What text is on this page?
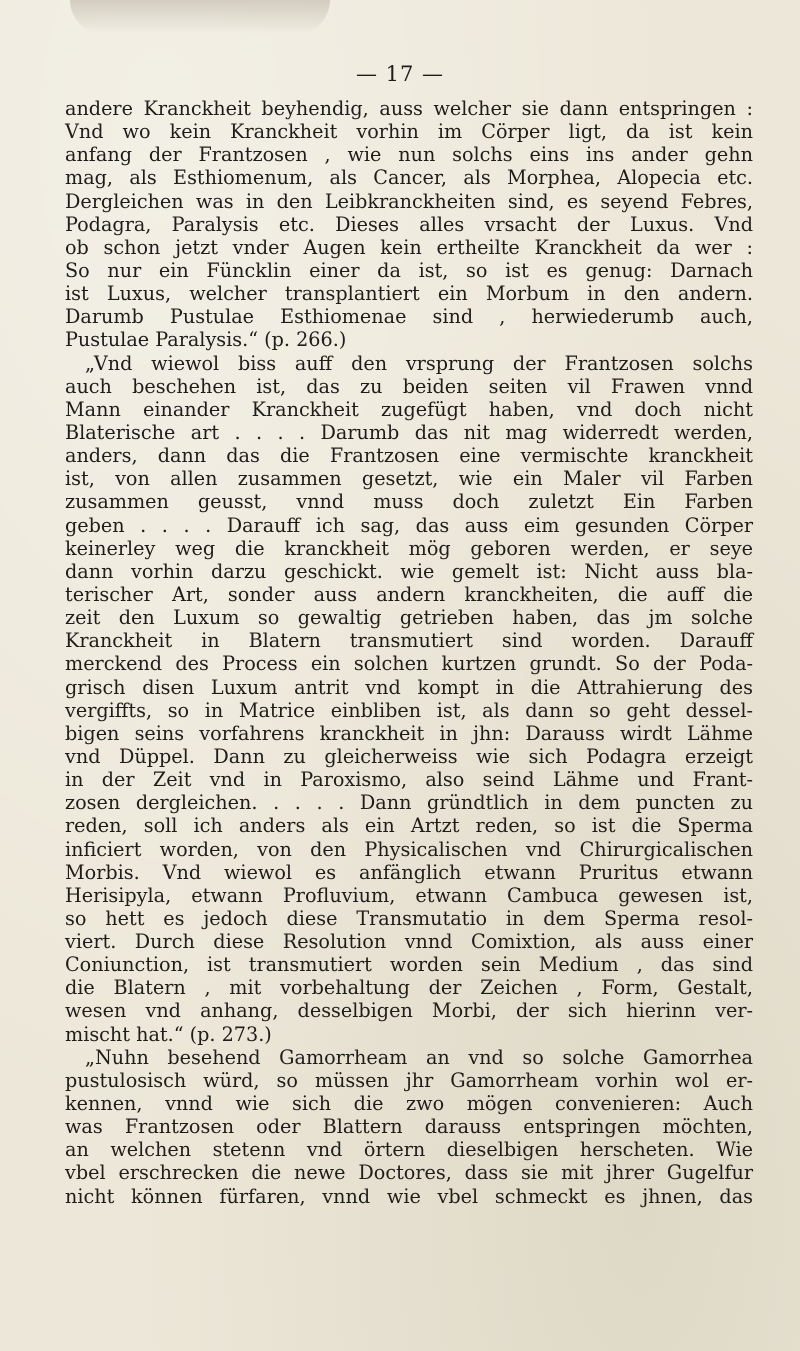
— 17 —
andere Kranckheit beyhendig, auss welcher sie dann entspringen :
Vnd wo kein Kranckheit vorhin im Cörper ligt, da ist kein
anfang der Frantzosen , wie nun solchs eins ins ander gehn
mag, als Esthiomenum, als Cancer, als Morphea, Alopecia etc.
Dergleichen was in den Leibkranckheiten sind, es seyend Febres,
Podagra, Paralysis etc. Dieses alles vrsacht der Luxus. Vnd
ob schon jetzt vnder Augen kein ertheilte Kranckheit da wer :
So nur ein Füncklin einer da ist, so ist es genug: Darnach
ist Luxus, welcher transplantiert ein Morbum in den andern.
Darumb Pustulae Esthiomenae sind , herwiederumb auch,
Pustulae Paralysis.“ (p. 266.)
„Vnd wiewol biss auff den vrsprung der Frantzosen solchs
auch beschehen ist, das zu beiden seiten vil Frawen vnnd
Mann einander Kranckheit zugefügt haben, vnd doch nicht
Blaterische art . . . . Darumb das nit mag widerredt werden,
anders, dann das die Frantzosen eine vermischte kranckheit
ist, von allen zusammen gesetzt, wie ein Maler vil Farben
zusammen geusst, vnnd muss doch zuletzt Ein Farben
geben . . . . Darauff ich sag, das auss eim gesunden Cörper
keinerley weg die kranckheit mög geboren werden, er seye
dann vorhin darzu geschickt. wie gemelt ist: Nicht auss bla-
terischer Art, sonder auss andern kranckheiten, die auff die
zeit den Luxum so gewaltig getrieben haben, das jm solche
Kranckheit in Blatern transmutiert sind worden. Darauff
merckend des Process ein solchen kurtzen grundt. So der Poda-
grisch disen Luxum antrit vnd kompt in die Attrahierung des
vergiffts, so in Matrice einbliben ist, als dann so geht dessel-
bigen seins vorfahrens kranckheit in jhn: Darauss wirdt Lähme
vnd Düppel. Dann zu gleicherweiss wie sich Podagra erzeigt
in der Zeit vnd in Paroxismo, also seind Lähme und Frant-
zosen dergleichen. . . . . Dann gründtlich in dem puncten zu
reden, soll ich anders als ein Artzt reden, so ist die Sperma
inficiert worden, von den Physicalischen vnd Chirurgicalischen
Morbis. Vnd wiewol es anfänglich etwann Pruritus etwann
Herisipyla, etwann Profluvium, etwann Cambuca gewesen ist,
so hett es jedoch diese Transmutatio in dem Sperma resol-
viert. Durch diese Resolution vnnd Comixtion, als auss einer
Coniunction, ist transmutiert worden sein Medium , das sind
die Blatern , mit vorbehaltung der Zeichen , Form, Gestalt,
wesen vnd anhang, desselbigen Morbi, der sich hierinn ver-
mischt hat.“ (p. 273.)
„Nuhn besehend Gamorrheam an vnd so solche Gamorrhea
pustulosisch würd, so müssen jhr Gamorrheam vorhin wol er-
kennen, vnnd wie sich die zwo mögen convenieren: Auch
was Frantzosen oder Blattern darauss entspringen möchten,
an welchen stetenn vnd örtern dieselbigen herscheten. Wie
vbel erschrecken die newe Doctores, dass sie mit jhrer Gugelfur
nicht können fürfaren, vnnd wie vbel schmeckt es jhnen, das
